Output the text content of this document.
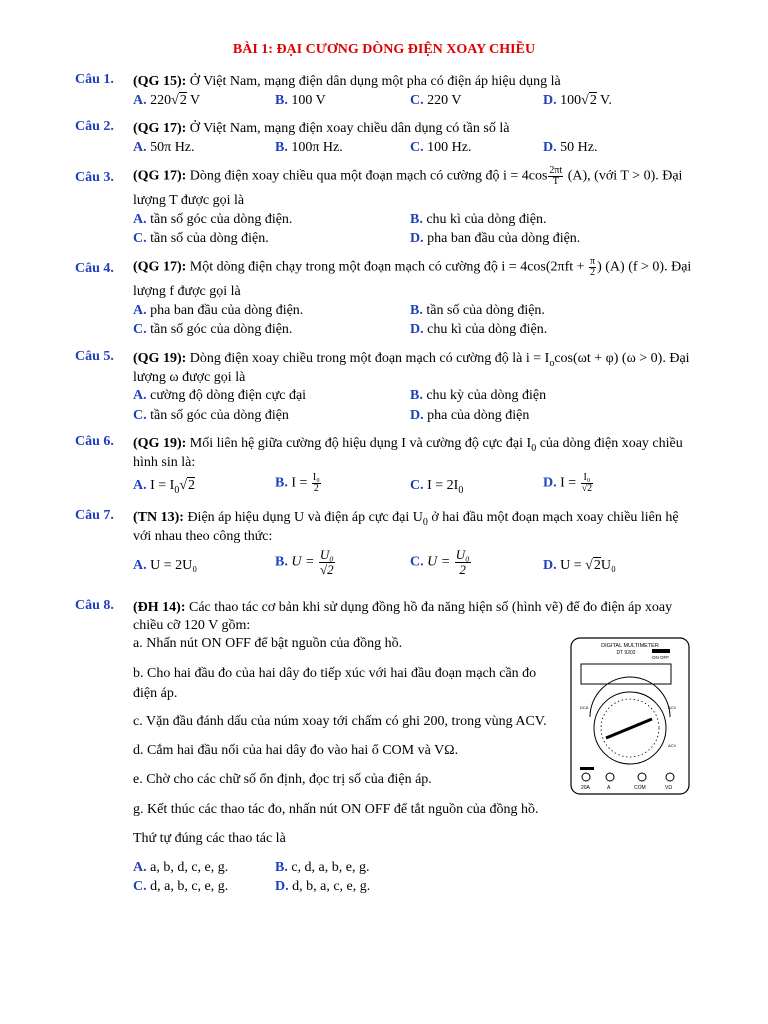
BÀI 1: ĐẠI CƯƠNG DÒNG ĐIỆN XOAY CHIỀU
Câu 1. (QG 15): Ở Việt Nam, mạng điện dân dụng một pha có điện áp hiệu dụng là
A. 220√2 V	B. 100 V	C. 220 V	D. 100√2 V.
Câu 2. (QG 17): Ở Việt Nam, mạng điện xoay chiều dân dụng có tần số là
A. 50π Hz.	B. 100π Hz.	C. 100 Hz.	D. 50 Hz.
Câu 3. (QG 17): Dòng điện xoay chiều qua một đoạn mạch có cường độ $i = 4\cos \frac{2\pi t}{T} (A)$, (với T > 0). Đại
lượng T được gọi là
A. tần số góc của dòng điện.	B. chu kì của dòng điện.
C. tần số của dòng điện.	D. pha ban đầu của dòng điện.
Câu 4. (QG 17): Một dòng điện chạy trong một đoạn mạch có cường độ $i = 4\cos(2\pi ft + \frac{\pi}{2}$ ) (A) (f > 0). Đại
lượng f được gọi là
A. pha ban đầu của dòng điện.	B. tần số của dòng điện.
C. tần số góc của dòng điện.	D. chu kì của dòng điện.
Câu 5. (QG 19): Dòng điện xoay chiều trong một đoạn mạch có cường độ là $i = I_o\cos(\omega t + \varphi) (\omega > 0)$. Đại
lượng ω được gọi là
A. cường độ dòng điện cực đại	B. chu kỳ của dòng điện
C. tần số góc của dòng điện	D. pha của dòng điện
Câu 6. (QG 19): Mối liên hệ giữa cường độ hiệu dụng I và cường độ cực đại $I_0$ của dòng điện xoay chiều
hình sin là:
A. $I = I_0√2$	B. $I = \frac{\text{I₀}}{2}$	C. $I = 2I_0$	D. $I = \frac{\text{I₀}}{√2}$
Câu 7. (TN 13): Điện áp hiệu dụng U và điện áp cực đại $U_0$ ở hai đầu một đoạn mạch xoay chiều liên hệ
với nhau theo công thức:
A. U = 2U₀	B. $U = \frac{\text{U₀}}{√2}$	C. $U = \frac{\text{U₀}}{2}$	D. U = √2U₀
Câu 8. (ĐH 14): Các thao tác cơ bản khi sử dụng đồng hồ đa năng hiện số (hình vẽ) để đo điện áp xoay
chiều cỡ 120 V gồm:
a. Nhấn nút ON OFF để bật nguồn của đồng hồ.
b. Cho hai đầu đo của hai dây đo tiếp xúc với hai đầu đoạn mạch cần đo
điện áp.
c. Vặn đầu đánh dấu của núm xoay tới chấm có ghi 200, trong vùng ACV.
d. Cắm hai đầu nối của hai dây đo vào hai ổ COM và VΩ.
e. Chờ cho các chữ số ổn định, đọc trị số của điện áp.
g. Kết thúc các thao tác đo, nhấn nút ON OFF để tắt nguồn của đồng hồ.
Thứ tự đúng các thao tác là
A. a, b, d, c, e, g.	B. c, d, a, b, e, g.
C. d, a, b, c, e, g.	D. d, b, a, c, e, g.
DIGITAL MULTIMETER
DT 9202
ON OFF
DCA	ACV
ACV
20A	A	COM	VΩ
